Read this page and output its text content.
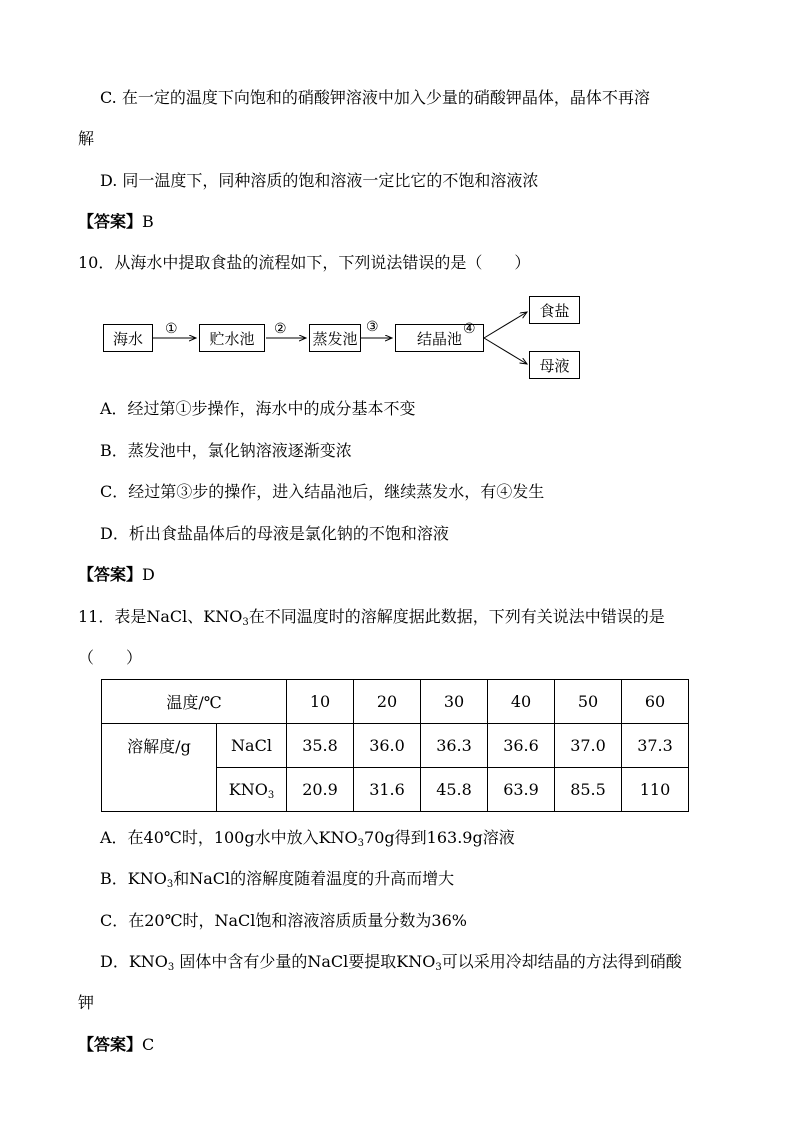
C. 在一定的温度下向饱和的硝酸钾溶液中加入少量的硝酸钾晶体，晶体不再溶
解
D. 同一温度下，同种溶质的饱和溶液一定比它的不饱和溶液浓
【答案】B
10．从海水中提取食盐的流程如下，下列说法错误的是（　　）
海水	贮水池	蒸发池	结晶池
食盐
母液
①	②	③	④
A．经过第①步操作，海水中的成分基本不变
B．蒸发池中，氯化钠溶液逐渐变浓
C．经过第③步的操作，进入结晶池后，继续蒸发水，有④发生
D．析出食盐晶体后的母液是氯化钠的不饱和溶液
【答案】D
11．表是NaCl、$KNO_3$在不同温度时的溶解度据此数据，下列有关说法中错误的是
（　　）
温度/℃		10	20	30	40	50	60
溶解度/g	NaCl	35.8	36.0	36.3	36.6	37.0	37.3
	$KNO_3$	20.9	31.6	45.8	63.9	85.5	110
A．在40℃时，100g水中放入$KNO_370g$得到163.9g溶液
B．$KNO_3$和NaCl的溶解度随着温度的升高而增大
C．在20℃时，NaCl饱和溶液溶质质量分数为36%
D．$KNO_3$ 固体中含有少量的NaCl要提取$KNO_3$可以采用冷却结晶的方法得到硝酸
钾
【答案】C
